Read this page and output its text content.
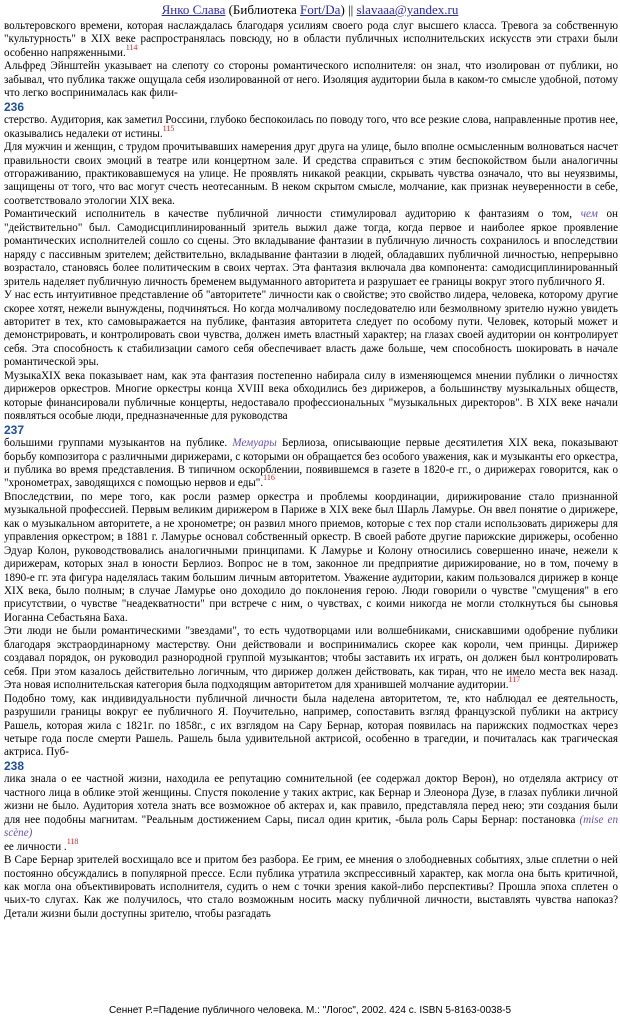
Янко Слава (Библиотека Fort/Da) || slavaaa@yandex.ru

вольтеровского времени, которая наслаждалась благодаря усилиям своего рода слуг высшего класса. Тревога за собственную "культурность" в XIX веке распространялась повсюду, но в области публичных исполнительских искусств эти страхи были особенно напряженными.$^{114}$

Альфред Эйнштейн указывает на слепоту со стороны романтического исполнителя: он знал, что изолирован от публики, но забывал, что публика также ощущала себя изолированной от него. Изоляция аудитории была в каком-то смысле удобной, потому что легко воспринималась как фили-

236

стерство. Аудитория, как заметил Россини, глубоко беспокоилась по поводу того, что все резкие слова, направленные против нее, оказывались недалеки от истины.$^{115}$

Для мужчин и женщин, с трудом прочитывавших намерения друг друга на улице, было вполне осмысленным волноваться насчет правильности своих эмоций в театре или концертном зале. И средства справиться с этим беспокойством были аналогичны отгораживанию, практиковавшемуся на улице. Не проявлять никакой реакции, скрывать чувства означало, что вы неуязвимы, защищены от того, что вас могут счесть неотесанным. В неком скрытом смысле, молчание, как признак неуверенности в себе, соответствовало этологии XIX века.

Романтический исполнитель в качестве публичной личности стимулировал аудиторию к фантазиям о том, чем он "действительно" был. Самодисциплинированный зритель выжил даже тогда, когда первое и наиболее яркое проявление романтических исполнителей сошло со сцены. Это вкладывание фантазии в публичную личность сохранилось и впоследствии наряду с пассивным зрителем; действительно, вкладывание фантазии в людей, обладавших публичной личностью, непрерывно возрастало, становясь более политическим в своих чертах. Эта фантазия включала два компонента: самодисциплинированный зритель наделяет публичную личность бременем выдуманного авторитета и разрушает ее границы вокруг этого публичного Я.

У нас есть интуитивное представление об "авторитете" личности как о свойстве; это свойство лидера, человека, которому другие скорее хотят, нежели вынуждены, подчиняться. Но когда молчаливому последователю или безмолвному зрителю нужно увидеть авторитет в тех, кто самовыражается на публике, фантазия авторитета следует по особому пути. Человек, который может и демонстрировать, и контролировать свои чувства, должен иметь властный характер; на глазах своей аудитории он контролирует себя. Эта способность к стабилизации самого себя обеспечивает власть даже больше, чем способность шокировать в начале романтической эры.

МузыкаXIX века показывает нам, как эта фантазия постепенно набирала силу в изменяющемся мнении публики о личностях дирижеров оркестров. Многие оркестры конца XVIII века обходились без дирижеров, а большинству музыкальных обществ, которые финансировали публичные концерты, недоставало профессиональных "музыкальных директоров". В XIX веке начали появляться особые люди, предназначенные для руководства

237

большими группами музыкантов на публике. Мемуары Берлиоза, описывающие первые десятилетия XIX века, показывают борьбу композитора с различными дирижерами, с которыми он обращается без особого уважения, как и музыканты его оркестра, и публика во время представления. В типичном оскорблении, появившемся в газете в 1820-е гг., о дирижерах говорится, как о "хронометрах, заводящихся с помощью нервов и еды".$^{116}$

Впоследствии, по мере того, как росли размер оркестра и проблемы координации, дирижирование стало признанной музыкальной профессией. Первым великим дирижером в Париже в XIX веке был Шарль Ламурье. Он ввел понятие о дирижере, как о музыкальном авторитете, а не хронометре; он развил много приемов, которые с тех пор стали использовать дирижеры для управления оркестром; в 1881 г. Ламурье основал собственный оркестр. В своей работе другие парижские дирижеры, особенно Эдуар Колон, руководствовались аналогичными принципами. К Ламурье и Колону относились совершенно иначе, нежели к дирижерам, которых знал в юности Берлиоз. Вопрос не в том, законное ли предприятие дирижирование, но в том, почему в 1890-е гг. эта фигура наделялась таким большим личным авторитетом. Уважение аудитории, каким пользовался дирижер в конце XIX века, было полным; в случае Ламурье оно доходило до поклонения герою. Люди говорили о чувстве "смущения" в его присутствии, о чувстве "неадекватности" при встрече с ним, о чувствах, с коими никогда не могли столкнуться бы сыновья Иоганна Себастьяна Баха.

Эти люди не были романтическими "звездами", то есть чудотворцами или волшебниками, снискавшими одобрение публики благодаря экстраординарному мастерству. Они действовали и воспринимались скорее как короли, чем принцы. Дирижер создавал порядок, он руководил разнородной группой музыкантов; чтобы заставить их играть, он должен был контролировать себя. При этом казалось действительно логичным, что дирижер должен действовать, как тиран, что не имело места век назад. Эта новая исполнительская категория была подходящим авторитетом для хранившей молчание аудитории.$^{117}$

Подобно тому, как индивидуальности публичной личности была наделена авторитетом, те, кто наблюдал ее деятельность, разрушили границы вокруг ее публичного Я. Поучительно, например, сопоставить взгляд французской публики на актрису Рашель, которая жила с 1821г. по 1858г., с их взглядом на Сару Бернар, которая появилась на парижских подмостках через четыре года после смерти Рашель. Рашель была удивительной актрисой, особенно в трагедии, и почиталась как трагическая актриса. Пуб-

238

лика знала о ее частной жизни, находила ее репутацию сомнительной (ее содержал доктор Верон), но отделяла актрису от частного лица в облике этой женщины. Спустя поколение у таких актрис, как Бернар и Элеонора Дузе, в глазах публики личной жизни не было. Аудитория хотела знать все возможное об актерах и, как правило, представляла перед нею; эти создания были для нее подобны магнитам. "Реальным достижением Сары, писал один критик, -была роль Сары Бернар: постановка (mise en scène)
ее личности .$^{118}$

В Саре Бернар зрителей восхищало все и притом без разбора. Ее грим, ее мнения о злободневных событиях, злые сплетни о ней постоянно обсуждались в популярной прессе. Если публика утратила экспрессивный характер, как могла она быть критичной, как могла она объективировать исполнителя, судить о нем с точки зрения какой-либо перспективы? Прошла эпоха сплетен о чьих-то слугах. Как же получилось, что стало возможным носить маску публичной личности, выставлять чувства напоказ? Детали жизни были доступны зрителю, чтобы разгадать

Сеннет Р.=Падение публичного человека. М.: "Логос", 2002. 424 с. ISBN 5-8163-0038-5
